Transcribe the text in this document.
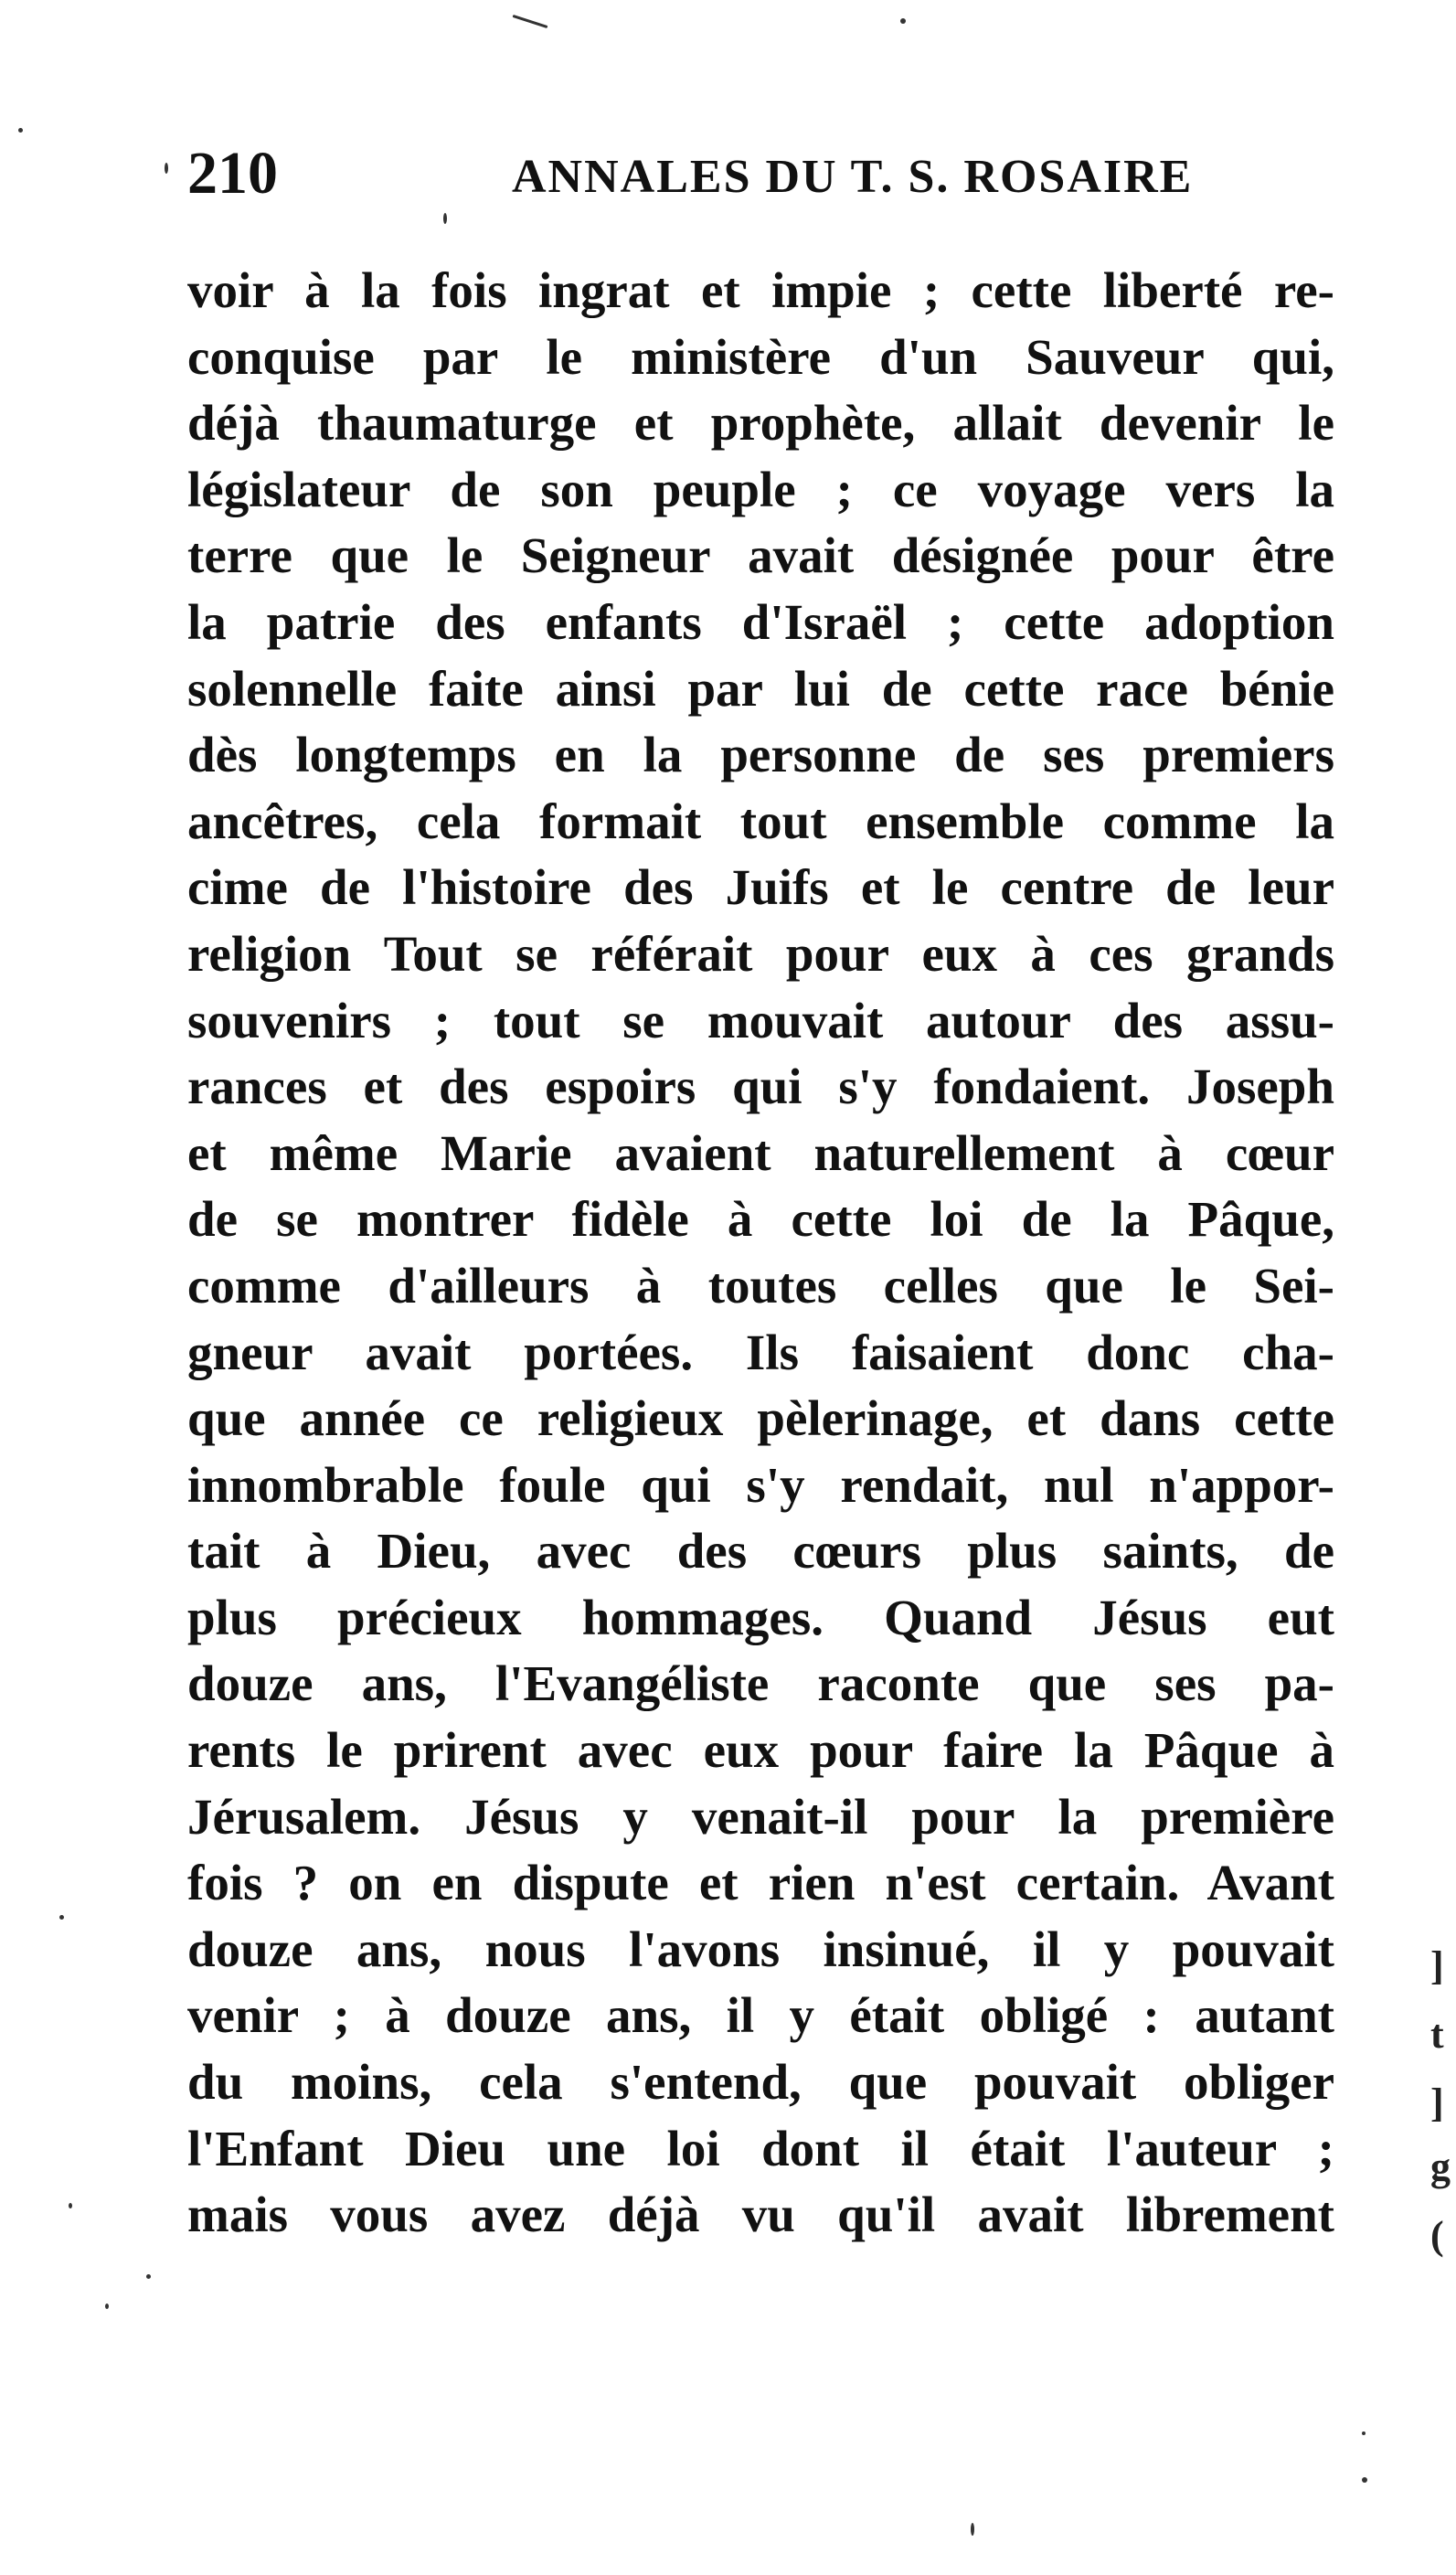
210	ANNALES DU T. S. ROSAIRE
voir à la fois ingrat et impie ; cette liberté re-
conquise par le ministère d'un Sauveur qui,
déjà thaumaturge et prophète, allait devenir le
législateur de son peuple ; ce voyage vers la
terre que le Seigneur avait désignée pour être
la patrie des enfants d'Israël ; cette adoption
solennelle faite ainsi par lui de cette race bénie
dès longtemps en la personne de ses premiers
ancêtres, cela formait tout ensemble comme la
cime de l'histoire des Juifs et le centre de leur
religion Tout se référait pour eux à ces grands
souvenirs ; tout se mouvait autour des assu-
rances et des espoirs qui s'y fondaient. Joseph
et même Marie avaient naturellement à cœur
de se montrer fidèle à cette loi de la Pâque,
comme d'ailleurs à toutes celles que le Sei-
gneur avait portées. Ils faisaient donc cha-
que année ce religieux pèlerinage, et dans cette
innombrable foule qui s'y rendait, nul n'appor-
tait à Dieu, avec des cœurs plus saints, de
plus précieux hommages. Quand Jésus eut
douze ans, l'Evangéliste raconte que ses pa-
rents le prirent avec eux pour faire la Pâque à
Jérusalem. Jésus y venait-il pour la première
fois ? on en dispute et rien n'est certain. Avant
douze ans, nous l'avons insinué, il y pouvait
venir ; à douze ans, il y était obligé : autant
du moins, cela s'entend, que pouvait obliger
l'Enfant Dieu une loi dont il était l'auteur ;
mais vous avez déjà vu qu'il avait librement
]
t
]
g
(
